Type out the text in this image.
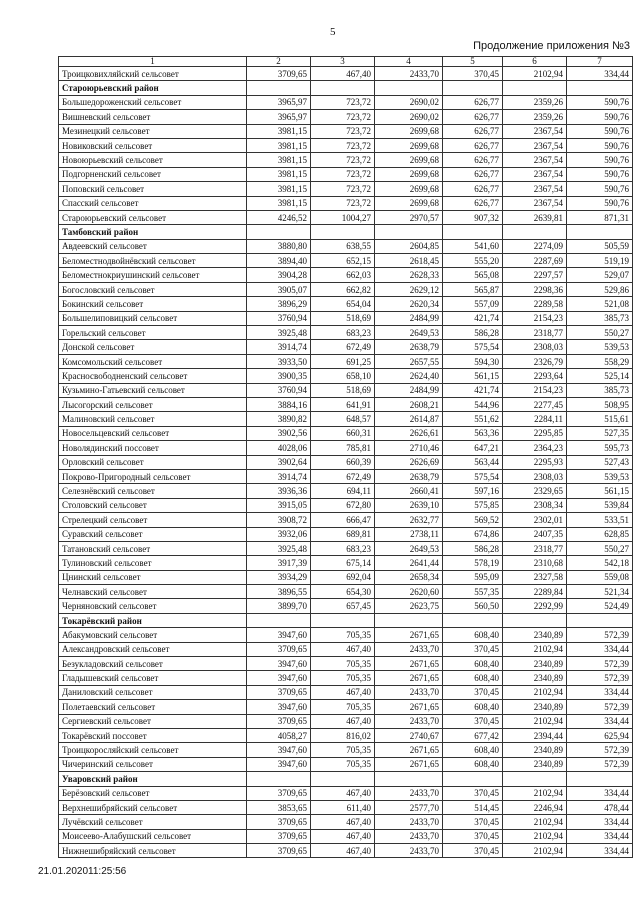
5
Продолжение приложения №3
1	2	3	4	5	6	7
Троицковихляйский сельсовет	3709,65	467,40	2433,70	370,45	2102,94	334,44
Староюрьевский район						
Большедороженский сельсовет	3965,97	723,72	2690,02	626,77	2359,26	590,76
Вишневский сельсовет	3965,97	723,72	2690,02	626,77	2359,26	590,76
Мезинецкий сельсовет	3981,15	723,72	2699,68	626,77	2367,54	590,76
Новиковский сельсовет	3981,15	723,72	2699,68	626,77	2367,54	590,76
Новоюрьевский сельсовет	3981,15	723,72	2699,68	626,77	2367,54	590,76
Подгорненский сельсовет	3981,15	723,72	2699,68	626,77	2367,54	590,76
Поповский сельсовет	3981,15	723,72	2699,68	626,77	2367,54	590,76
Спасский сельсовет	3981,15	723,72	2699,68	626,77	2367,54	590,76
Староюрьевский сельсовет	4246,52	1004,27	2970,57	907,32	2639,81	871,31
Тамбовский район						
Авдеевский сельсовет	3880,80	638,55	2604,85	541,60	2274,09	505,59
Беломестнодвойнёвский сельсовет	3894,40	652,15	2618,45	555,20	2287,69	519,19
Беломестнокриушинский сельсовет	3904,28	662,03	2628,33	565,08	2297,57	529,07
Богословский сельсовет	3905,07	662,82	2629,12	565,87	2298,36	529,86
Бокинский сельсовет	3896,29	654,04	2620,34	557,09	2289,58	521,08
Большелиповицкий сельсовет	3760,94	518,69	2484,99	421,74	2154,23	385,73
Горельский сельсовет	3925,48	683,23	2649,53	586,28	2318,77	550,27
Донской сельсовет	3914,74	672,49	2638,79	575,54	2308,03	539,53
Комсомольский сельсовет	3933,50	691,25	2657,55	594,30	2326,79	558,29
Красносвободненский сельсовет	3900,35	658,10	2624,40	561,15	2293,64	525,14
Кузьмино-Гатьевский сельсовет	3760,94	518,69	2484,99	421,74	2154,23	385,73
Лысогорский сельсовет	3884,16	641,91	2608,21	544,96	2277,45	508,95
Малиновский сельсовет	3890,82	648,57	2614,87	551,62	2284,11	515,61
Новосельцевский сельсовет	3902,56	660,31	2626,61	563,36	2295,85	527,35
Новолядинский поссовет	4028,06	785,81	2710,46	647,21	2364,23	595,73
Орловский сельсовет	3902,64	660,39	2626,69	563,44	2295,93	527,43
Покрово-Пригородный сельсовет	3914,74	672,49	2638,79	575,54	2308,03	539,53
Селезнёвский сельсовет	3936,36	694,11	2660,41	597,16	2329,65	561,15
Столовский сельсовет	3915,05	672,80	2639,10	575,85	2308,34	539,84
Стрелецкий сельсовет	3908,72	666,47	2632,77	569,52	2302,01	533,51
Суравский сельсовет	3932,06	689,81	2738,11	674,86	2407,35	628,85
Татановский сельсовет	3925,48	683,23	2649,53	586,28	2318,77	550,27
Тулиновский сельсовет	3917,39	675,14	2641,44	578,19	2310,68	542,18
Цнинский сельсовет	3934,29	692,04	2658,34	595,09	2327,58	559,08
Челнавский сельсовет	3896,55	654,30	2620,60	557,35	2289,84	521,34
Черняновский сельсовет	3899,70	657,45	2623,75	560,50	2292,99	524,49
Токарёвский район						
Абакумовский сельсовет	3947,60	705,35	2671,65	608,40	2340,89	572,39
Александровский сельсовет	3709,65	467,40	2433,70	370,45	2102,94	334,44
Безукладовский сельсовет	3947,60	705,35	2671,65	608,40	2340,89	572,39
Гладышевский сельсовет	3947,60	705,35	2671,65	608,40	2340,89	572,39
Даниловский сельсовет	3709,65	467,40	2433,70	370,45	2102,94	334,44
Полетаевский сельсовет	3947,60	705,35	2671,65	608,40	2340,89	572,39
Сергиевский сельсовет	3709,65	467,40	2433,70	370,45	2102,94	334,44
Токарёвский поссовет	4058,27	816,02	2740,67	677,42	2394,44	625,94
Троицкоросляйский сельсовет	3947,60	705,35	2671,65	608,40	2340,89	572,39
Чичеринский сельсовет	3947,60	705,35	2671,65	608,40	2340,89	572,39
Уваровский район						
Берёзовский сельсовет	3709,65	467,40	2433,70	370,45	2102,94	334,44
Верхнешибряйский сельсовет	3853,65	611,40	2577,70	514,45	2246,94	478,44
Лучёвский сельсовет	3709,65	467,40	2433,70	370,45	2102,94	334,44
Моисеево-Алабушский сельсовет	3709,65	467,40	2433,70	370,45	2102,94	334,44
Нижнешибряйский сельсовет	3709,65	467,40	2433,70	370,45	2102,94	334,44
21.01.202011:25:56
